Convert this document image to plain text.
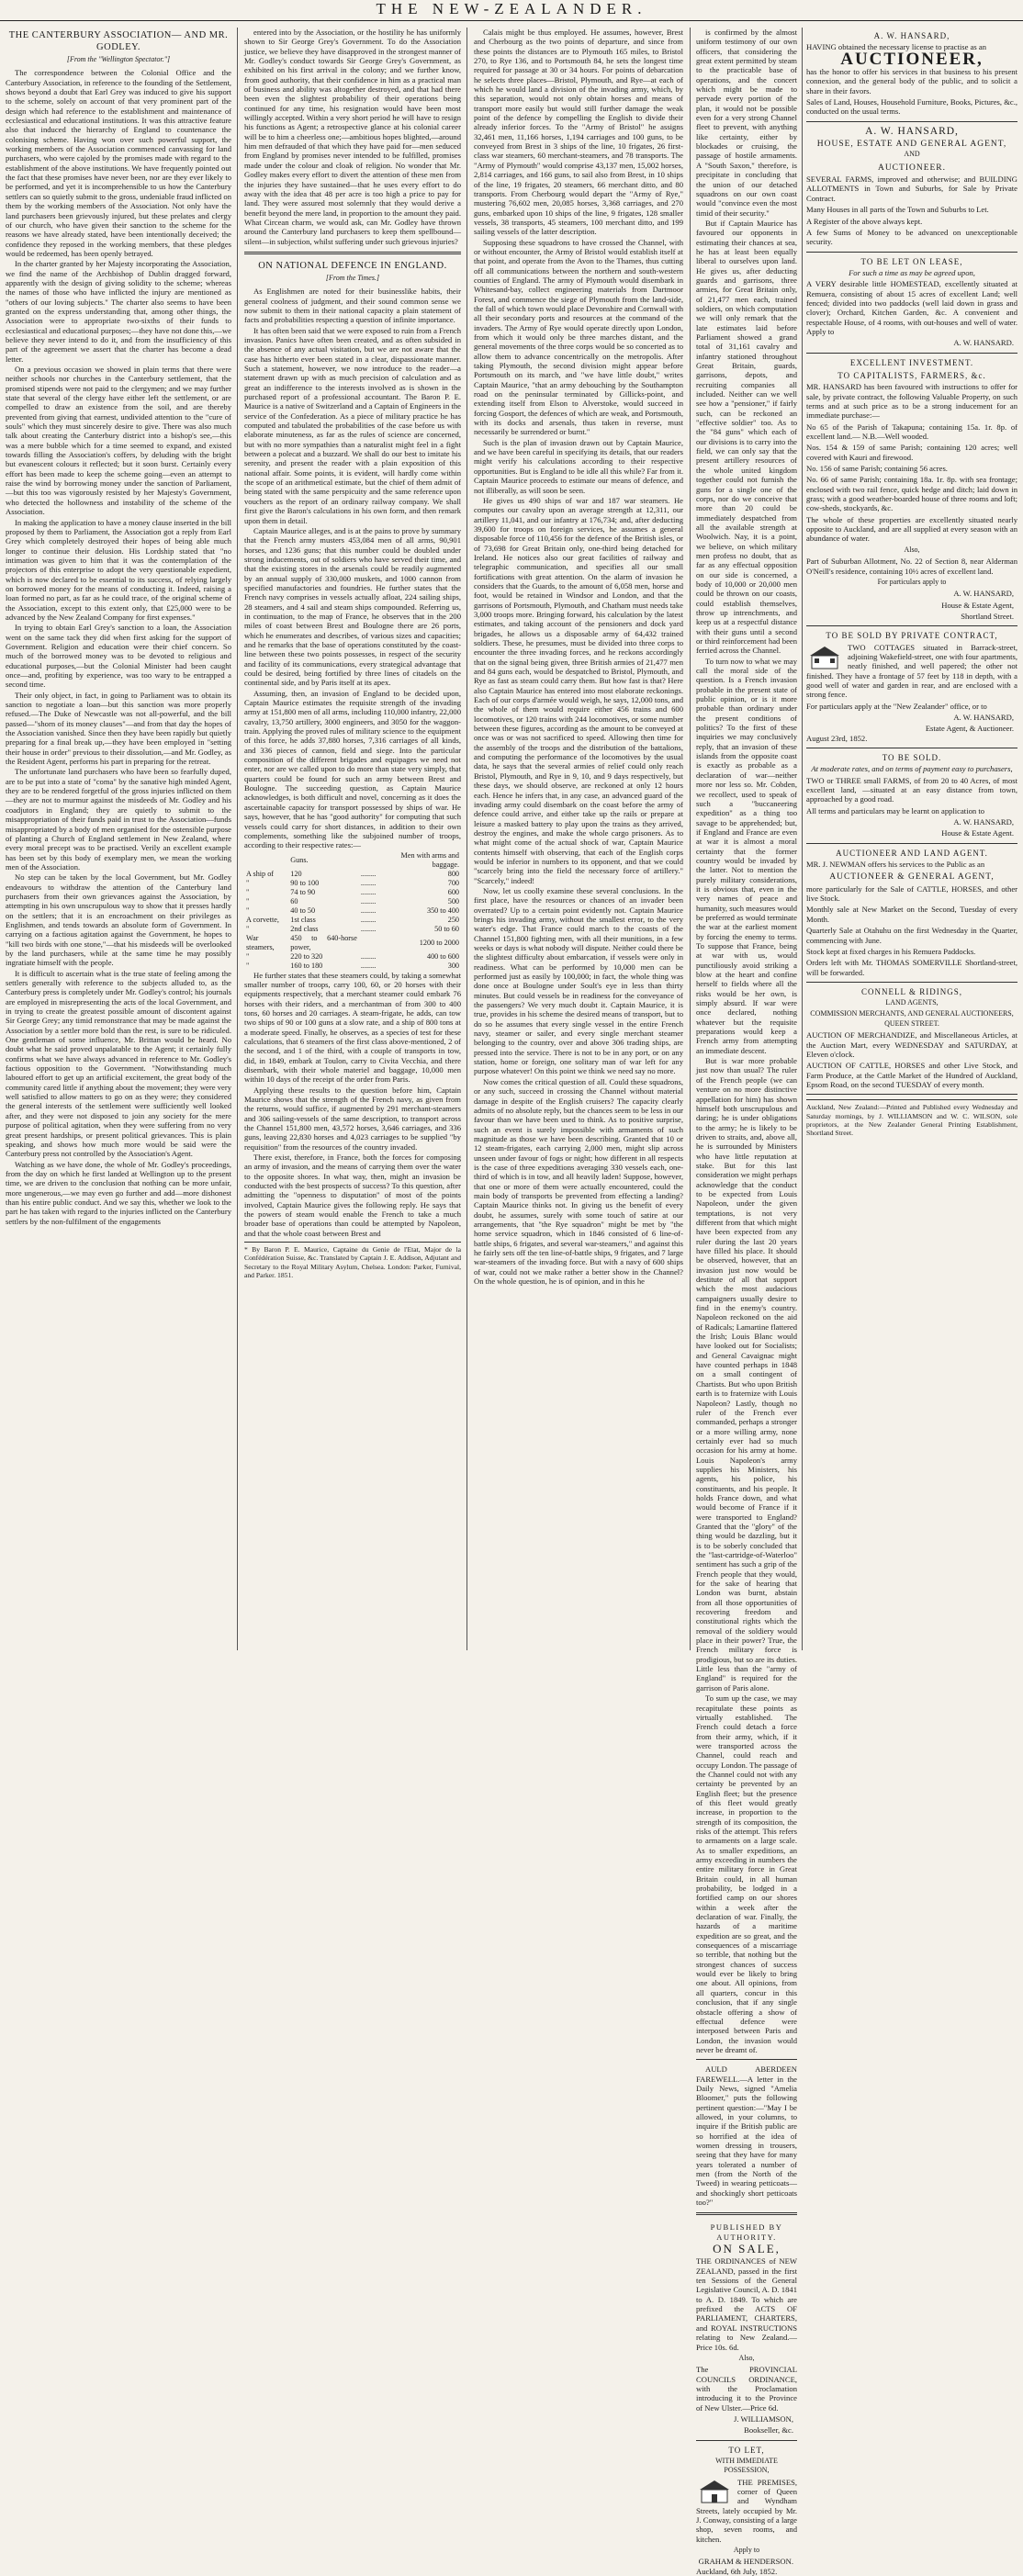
THE NEW-ZEALANDER.
THE CANTERBURY ASSOCIATION— AND MR. GODLEY.
[From the "Wellington Spectator."]

The correspondence between the Colonial Office and the Canterbury Association, in reference to the founding of the Settlement, shows beyond a doubt that Earl Grey was induced to give his support to the scheme, solely on account of that very prominent part of the design which had reference to the establishment and maintenance of ecclesiastical and educational institutions. It was this attractive feature also that induced the hierarchy of England to countenance the colonising scheme. Having won over such powerful support, the working members of the Association commenced canvassing for land purchasers, who were cajoled by the promises made with regard to the establishment of the above institutions. We have frequently pointed out the fact that these promises have never been, nor are they ever likely to be performed, and yet it is incomprehensible to us how the Canterbury settlers can so quietly submit to the gross, undeniable fraud inflicted on them by the working members of the Association. Not only have the land purchasers been grievously injured, but these prelates and clergy of our church, who have given their sanction to the scheme for the reasons we have already stated, have been intentionally deceived; the confidence they reposed in the working members, that these pledges would be redeemed, has been openly betrayed.

In the charter granted by her Majesty incorporating the Association, we find the name of the Archbishop of Dublin dragged forward, apparently with the design of giving solidity to the scheme; whereas the names of those who have inflicted the injury are mentioned as "others of our loving subjects." The charter also seems to have been granted on the express understanding that, among other things, the Association were to appropriate two-sixths of their funds to ecclesiastical and educational purposes;—they have not done this,—we believe they never intend to do it, and from the insufficiency of this part of the agreement we assert that the charter has become a dead letter.

On a previous occasion we showed in plain terms that there were neither schools nor churches in the Canterbury settlement, that the promised stipends were not paid to the clergymen; and we may further state that several of the clergy have either left the settlement, or are compelled to draw an existence from the soil, and are thereby prevented from giving that earnest, undivided attention to the "cure of souls" which they must sincerely desire to give. There was also much talk about creating the Canterbury district into a bishop's see,—this was a mere bubble which for a time seemed to expand, and existed towards filling the Association's coffers, by deluding with the bright but evanescent colours it reflected; but it soon burst. Certainly every effort has been made to keep the scheme going—even an attempt to raise the wind by borrowing money under the sanction of Parliament,—but this too was vigorously resisted by her Majesty's Government, who detected the hollowness and instability of the scheme of the Association.

In making the application to have a money clause inserted in the bill proposed by them to Parliament, the Association got a reply from Earl Grey which completely destroyed their hopes of being able much longer to continue their delusion. His Lordship stated that "no intimation was given to him that it was the contemplation of the projectors of this enterprise to adopt the very questionable expedient, which is now declared to be essential to its success, of relying largely on borrowed money for the means of conducting it. Indeed, raising a loan formed no part, as far as he could trace, of the original scheme of the Association, except to this extent only, that £25,000 were to be advanced by the New Zealand Company for first expenses."

In trying to obtain Earl Grey's sanction to a loan, the Association went on the same tack they did when first asking for the support of Government. Religion and education were their chief concern. So much of the borrowed money was to be devoted to religious and educational purposes,—but the Colonial Minister had been caught once—and, profiting by experience, was too wary to be entrapped a second time.

Their only object, in fact, in going to Parliament was to obtain its sanction to negotiate a loan—but this sanction was more properly refused.—The Duke of Newcastle was not all-powerful, and the bill passed—"shorn of its money clauses"—and from that day the hopes of the Association vanished. Since then they have been rapidly but quietly preparing for a final break up,—they have been employed in "setting their house in order" previous to their dissolution,—and Mr. Godley, as the Resident Agent, performs his part in preparing for the retreat.

The unfortunate land purchasers who have been so fearfully duped, are to be put into a state of "coma" by the sanative high minded Agent, they are to be rendered forgetful of the gross injuries inflicted on them—they are not to murmur against the misdeeds of Mr. Godley and his coadjutors in England; they are quietly to submit to the misappropriation of their funds paid in trust to the Association—funds misappropriated by a body of men organised for the ostensible purpose of planting a Church of England settlement in New Zealand, where every moral precept was to be practised. Verily an excellent example has been set by this body of exemplary men, we mean the working men of the Association.

No step can be taken by the local Government, but Mr. Godley endeavours to withdraw the attention of the Canterbury land purchasers from their own grievances against the Association, by attempting in his own unscrupulous way to show that it presses hardly on the settlers; that it is an encroachment on their privileges as Englishmen, and tends towards an absolute form of Government. In carrying on a factious agitation against the Government, he hopes to "kill two birds with one stone,"—that his misdeeds will be overlooked by the land purchasers, while at the same time he may possibly ingratiate himself with the people.

It is difficult to ascertain what is the true state of feeling among the settlers generally with reference to the subjects alluded to, as the Canterbury press is completely under Mr. Godley's control; his journals are employed in misrepresenting the acts of the local Government, and in trying to create the greatest possible amount of discontent against Sir George Grey; any timid remonstrance that may be made against the Association by a settler more bold than the rest, is sure to be ridiculed. One gentleman of some influence, Mr. Brittan would be heard. No doubt what he said proved unpalatable to the Agent; it certainly fully confirms what we have always advanced in reference to Mr. Godley's factious opposition to the Government. "Notwithstanding much laboured effort to get up an artificial excitement, the great body of the community cared little if anything about the movement; they were very well satisfied to allow matters to go on as they were; they considered the general interests of the settlement were sufficiently well looked after, and they were not disposed to join any society for the mere purpose of political agitation, when they were suffering from no very great present hardships, or present political grievances. This is plain speaking, and shows how much more would be said were the Canterbury press not controlled by the Association's Agent.

Watching as we have done, the whole of Mr. Godley's proceedings, from the day on which he first landed at Wellington up to the present time, we are driven to the conclusion that nothing can be more unfair, more ungenerous,—we may even go further and add—more dishonest than his entire public conduct. And we say this, whether we look to the part he has taken with regard to the injuries inflicted on the Canterbury settlers by the non-fulfilment of the engagements

entered into by the Association, or the hostility he has uniformly shown to Sir George Grey's Government. To do the Association justice, we believe they have disapproved in the strongest manner of Mr. Godley's conduct towards Sir George Grey's Government, as exhibited on his first arrival in the colony; and we further know, from good authority, that their confidence in him as a practical man of business and ability was altogether destroyed, and that had there been even the slightest probability of their operations being continued for any time, his resignation would have been most willingly accepted. Within a very short period he will have to resign his functions as Agent; a retrospective glance at his colonial career will be to him a cheerless one;—ambitious hopes blighted,—around him men defrauded of that which they have paid for—men seduced from England by promises never intended to be fulfilled, promises made under the colour and cloak of religion. No wonder that Mr. Godley makes every effort to divert the attention of these men from the injuries they have sustained—that he uses every effort to do away with the idea that 48 per acre is too high a price to pay for land. They were assured most solemnly that they would derive a benefit beyond the mere land, in proportion to the amount they paid. What Circean charm, we would ask, can Mr. Godley have thrown around the Canterbury land purchasers to keep them spellbound—silent—in subjection, whilst suffering under such grievous injuries?

ON NATIONAL DEFENCE IN ENGLAND.
[From the Times.]

As Englishmen are noted for their businesslike habits, their general coolness of judgment, and their sound common sense we now submit to them in their national capacity a plain statement of facts and probabilities respecting a question of infinite importance.

It has often been said that we were exposed to ruin from a French invasion. Panics have often been created, and as often subsided in the absence of any actual visitation, but we are not aware that the case has hitherto ever been stated in a clear, dispassionate manner. Such a statement, however, we now introduce to the reader—a statement drawn up with as much precision of calculation and as great an indifference to the interests involved as is shown in the purchased report of a professional accountant. The Baron P. E. Maurice is a native of Switzerland and a Captain of Engineers in the service of the Confederation. As a piece of military practice he has computed and tabulated the probabilities of the case before us with elaborate minuteness, as far as the rules of science are concerned, but with no more sympathies than a naturalist might feel in a fight between a polecat and a buzzard. We shall do our best to imitate his serenity, and present the reader with a plain exposition of this national affair. Some points, it is evident, will hardly come within the scope of an arithmetical estimate, but the chief of them admit of being stated with the same perspicuity and the same reference upon vouchers as the report of an ordinary railway company. We shall first give the Baron's calculations in his own form, and then remark upon them in detail.

Captain Maurice alleges, and is at the pains to prove by summary that the French army musters 453,084 men of all arms, 90,901 horses, and 1236 guns; that this number could be doubled under strong inducements, out of soldiers who have served their time, and that the existing stores in the arsenals could be readily augmented by an annual supply of 330,000 muskets, and 1000 cannon from specified manufactories and foundries. He further states that the French navy comprises in vessels actually afloat, 224 sailing ships, 28 steamers, and 4 sail and steam ships compounded. Referring us, in continuation, to the map of France, he observes that in the 200 miles of coast between Brest and Boulogne there are 26 ports, which he enumerates and describes, of various sizes and capacities; and he remarks that the base of operations constituted by the coast-line between these two points possesses, in respect of the security and facility of its communications, every strategical advantage that could be desired, being fortified by three lines of citadels on the continental side, and by Paris itself at its apex.

Assuming, then, an invasion of England to be decided upon, Captain Maurice estimates the requisite strength of the invading army at 151,800 men of all arms, including 110,000 infantry, 22,000 cavalry, 13,750 artillery, 3000 engineers, and 3050 for the waggon-train. Applying the proved rules of military science to the equipment of this force, he adds 37,880 horses, 7,316 carriages of all kinds, and 336 pieces of cannon, field and siege. Into the particular composition of the different brigades and equipages we need not enter, nor are we called upon to do more than state very simply, that quarters could be found for such an army between Brest and Boulogne. The succeeding question, as Captain Maurice acknowledges, is both difficult and novel, concerning as it does the ascertainable capacity for transport possessed by ships of war. He says, however, that he has "good authority" for computing that such vessels could carry for short distances, in addition to their own complements, something like the subjoined number of troops, according to their respective rates:—

	Guns.		Men with arms and baggage.
A ship of	120	........	800
"	90 to 100	........	700
"	74 to 90	........	600
"	60	........	500
"	40 to 50	........	350 to 400
A corvette,	1st class	........	250
"	2nd class	........	50 to 60
War steamers,	450 to 640-horse power,		1200 to 2000
"	220 to 320	........	400 to 600
"	160 to 180	........	300

He further states that these steamers could, by taking a somewhat smaller number of troops, carry 100, 60, or 20 horses with their equipments respectively, that a merchant steamer could embark 76 horses with their riders, and a merchantman of from 300 to 400 tons, 60 horses and 20 carriages. A steam-frigate, he adds, can tow two ships of 90 or 100 guns at a slow rate, and a ship of 800 tons at a moderate speed. Finally, he observes, as a species of test for these calculations, that 6 steamers of the first class above-mentioned, 2 of the second, and 1 of the third, with a couple of transports in tow, did, in 1849, embark at Toulon, carry to Civita Vecchia, and there disembark, with their whole materiel and baggage, 10,000 men within 10 days of the receipt of the order from Paris.

Applying these results to the question before him, Captain Maurice shows that the strength of the French navy, as given from the returns, would suffice, if augmented by 291 merchant-steamers and 306 sailing-vessels of the same description, to transport across the Channel 151,800 men, 43,572 horses, 3,646 carriages, and 336 guns, leaving 22,830 horses and 4,023 carriages to be supplied "by requisition" from the resources of the country invaded.

There exist, therefore, in France, both the forces for composing an army of invasion, and the means of carrying them over the water to the opposite shores. In what way, then, might an invasion be conducted with the best prospects of success? To this question, after admitting the "openness to disputation" of most of the points involved, Captain Maurice gives the following reply. He says that the powers of steam would enable the French to take a much broader base of operations than could be attempted by Napoleon, and that the whole coast between Brest and

* By Baron P. E. Maurice, Captaine du Genie de l'Etat, Major de la Confédération Suisse, &c. Translated by Captain J. E. Addison, Adjutant and Secretary to the Royal Military Asylum, Chelsea. London: Parker, Furnival, and Parker. 1851.

Calais might be thus employed. He assumes, however, Brest and Cherbourg as the two points of departure, and since from these points the distances are to Plymouth 165 miles, to Bristol 270, to Rye 136, and to Portsmouth 84, he sets the longest time required for passage at 30 or 34 hours. For points of debarcation he selects three places—Bristol, Plymouth, and Rye—at each of which he would land a division of the invading army, which, by this separation, would not only obtain horses and means of transport more easily but would still further damage the weak point of the defence by compelling the English to divide their already inferior forces. To the "Army of Bristol" he assigns 32,461 men, 11,166 horses, 1,194 carriages and 100 guns, to be conveyed from Brest in 3 ships of the line, 10 frigates, 26 first-class war steamers, 60 merchant-steamers, and 78 transports. The "Army of Plymouth" would comprise 43,137 men, 15,002 horses, 2,814 carriages, and 166 guns, to sail also from Brest, in 10 ships of the line, 19 frigates, 20 steamers, 66 merchant ditto, and 80 transports. From Cherbourg would depart the "Army of Rye," mustering 76,602 men, 20,085 horses, 3,368 carriages, and 270 guns, embarked upon 10 ships of the line, 9 frigates, 128 smaller vessels, 38 transports, 45 steamers, 100 merchant ditto, and 199 sailing vessels of the latter description.

Supposing these squadrons to have crossed the Channel, with or without encounter, the Army of Bristol would establish itself at that point, and operate from the Avon to the Thames, thus cutting off all communications between the northern and south-western counties of England. The army of Plymouth would disembark in Whitesand-bay, collect engineering materials from Dartmoor Forest, and commence the siege of Plymouth from the land-side, the fall of which town would place Devonshire and Cornwall with all their secondary ports and resources at the command of the invaders. The Army of Rye would operate directly upon London, from which it would only be three marches distant, and the general movements of the three corps would be so concerted as to allow them to advance concentrically on the metropolis. After taking Plymouth, the second division might appear before Portsmouth on its march, and "we have little doubt," writes Captain Maurice, "that an army debouching by the Southampton road on the peninsular terminated by Gillicks-point, and extending itself from Elson to Alverstoke, would succeed in forcing Gosport, the defences of which are weak, and Portsmouth, with its docks and arsenals, thus taken in reverse, must necessarily be surrendered or burnt."

Such is the plan of invasion drawn out by Captain Maurice, and we have been careful in specifying its details, that our readers might verify his calculations according to their respective opportunities. But is England to be idle all this while? Far from it. Captain Maurice proceeds to estimate our means of defence, and not illiberally, as will soon be seen.

He gives us 490 ships of war and 187 war steamers. He computes our cavalry upon an average strength at 12,311, our artillery 11,041, and our infantry at 176,734; and, after deducting 39,600 for troops on foreign services, he assumes a general disposable force of 110,456 for the defence of the British isles, or of 73,698 for Great Britain only, one-third being detached for Ireland. He notices also our great facilities of railway and telegraphic communication, and specifies all our small fortifications with great attention. On the alarm of invasion he considers that the Guards, to the amount of 6,058 men, horse and foot, would be retained in Windsor and London, and that the garrisons of Portsmouth, Plymouth, and Chatham must needs take 3,000 troops more. Bringing forward, his calculation by the latest estimates, and taking account of the pensioners and dock yard brigades, he allows us a disposable army of 64,432 trained soldiers. These, he presumes, must be divided into three corps to encounter the three invading forces, and he reckons accordingly that on the signal being given, three British armies of 21,477 men and 84 guns each, would be despatched to Bristol, Plymouth, and Rye as fast as steam could carry them. But how fast is that? Here also Captain Maurice has entered into most elaborate reckonings. Each of our corps d'armée would weigh, he says, 12,000 tons, and the whole of them would require either 456 trains and 600 locomotives, or 120 trains with 244 locomotives, or some number between these figures, according as the amount to be conveyed at once was or was not sacrificed to speed. Allowing then time for the assembly of the troops and the distribution of the battalions, and computing the performance of the locomotives by the usual data, he says that the several armies of relief could only reach Bristol, Plymouth, and Rye in 9, 10, and 9 days respectively, but these days, we should observe, are reckoned at only 12 hours each. Hence he infers that, in any case, an advanced guard of the invading army could disembark on the coast before the army of defence could arrive, and either take up the rails or prepare at leisure a masked battery to play upon the trains as they arrived, destroy the engines, and make the whole cargo prisoners. As to what might come of the actual shock of war, Captain Maurice contents himself with observing, that each of the English corps would be inferior in numbers to its opponent, and that we could "scarcely bring into the field the necessary force of artillery." "Scarcely," indeed!

Now, let us coolly examine these several conclusions. In the first place, have the resources or chances of an invader been overrated? Up to a certain point evidently not. Captain Maurice brings his invading army, without the smallest error, to the very water's edge. That France could march to the coasts of the Channel 151,800 fighting men, with all their munitions, in a few weeks or days is what nobody will dispute. Neither could there be the slightest difficulty about embarcation, if vessels were only in readiness. What can be performed by 10,000 men can be performed just as easily by 100,000; in fact, the whole thing was done once at Boulogne under Soult's eye in less than thirty minutes. But could vessels be in readiness for the conveyance of the passengers? We very much doubt it. Captain Maurice, it is true, provides in his scheme the desired means of transport, but to do so he assumes that every single vessel in the entire French navy, steamer or sailer, and every single merchant steamer belonging to the country, over and above 306 trading ships, are pressed into the service. There is not to be in any port, or on any station, home or foreign, one solitary man of war left for any purpose whatever! On this point we think we need say no more.

Now comes the critical question of all. Could these squadrons, or any such, succeed in crossing the Channel without material damage in despite of the English cruisers? The capacity clearly admits of no absolute reply, but the chances seem to be less in our favour than we have been used to think. As to positive surprise, such an event is surely impossible with armaments of such magnitude as those we have been describing. Granted that 10 or 12 steam-frigates, each carrying 2,000 men, might slip across unseen under favour of fogs or night; how different in all respects is the case of three expeditions averaging 330 vessels each, one-third of which is in tow, and all heavily laden! Suppose, however, that one or more of them were actually encountered, could the main body of transports be prevented from effecting a landing? Captain Maurice thinks not. In giving us the benefit of every doubt, he assumes, surely with some touch of satire at our arrangements, that "the Rye squadron" might be met by "the home service squadron, which in 1846 consisted of 6 line-of-battle ships, 6 frigates, and several war-steamers," and against this he fairly sets off the ten line-of-battle ships, 9 frigates, and 7 large war-steamers of the invading force. But with a navy of 600 ships of war, could not we make rather a better show in the Channel? On the whole question, he is of opinion, and in this he

is confirmed by the almost uniform testimony of our own officers, that considering the great extent permitted by steam to the practicable base of operations, and the concert which might be made to pervade every portion of the plan, it would not be possible even for a very strong Channel fleet to prevent, with anything like certainty, either by blockades or cruising, the passage of hostile armaments. A "South Saxon," therefore, is precipitate in concluding that the union of our detached squadrons on our own coast would "convince even the most timid of their security."

But if Captain Maurice has favoured our opponents in estimating their chances at sea, he has at least been equally liberal to ourselves upon land. He gives us, after deducting guards and garrisons, three armies, for Great Britain only, of 21,477 men each, trained soldiers, on which computation we will only remark that the late estimates laid before Parliament showed a grand total of 31,161 cavalry and infantry stationed throughout Great Britain, guards, garrisons, depots, and recruiting companies all included. Neither can we well see how a "pensioner," if fairly such, can be reckoned an "effective soldier" too. As to the "84 guns" which each of our divisions is to carry into the field, we can only say that the present artillery resources of the whole united kingdom together could not furnish the guns for a single one of the corps, nor do we conceive that more than 20 could be immediately despatched from all the available strength at Woolwich. Nay, it is a point, we believe, on which military men profess no doubt, that as far as any effectual opposition on our side is concerned, a body of 10,000 or 20,000 men could be thrown on our coasts, could establish themselves, throw up intrenchments, and keep us at a respectful distance with their guns until a second or third reinforcement had been ferried across the Channel.

To turn now to what we may call the moral side of the question. Is a French invasion probable in the present state of public opinion, or is it more probable than ordinary under the present conditions of politics? To the first of these inquiries we may conclusively reply, that an invasion of these islands from the opposite coast is exactly as probable as a declaration of war—neither more nor less so. Mr. Cobden, we recollect, used to speak of such a "buccaneering expedition" as a thing too savage to be apprehended; but, if England and France are even at war it is almost a moral certainty that the former country would be invaded by the latter. Not to mention the purely military considerations, it is obvious that, even in the very names of peace and humanity, such measures would be preferred as would terminate the war at the earliest moment by forcing the enemy to terms. To suppose that France, being at war with us, would punctiliously avoid striking a blow at the heart and confine herself to fields where all the risks would be her own, is simply absurd. If war were once declared, nothing whatever but the requisite preparations would keep a French army from attempting an immediate descent.

But is war more probable just now than usual? The ruler of the French people (we can venture on no more distinctive appellation for him) has shown himself both unscrupulous and daring; he is under obligations to the army; he is likely to be driven to straits, and, above all, he is surrounded by Ministers who have little reputation at stake. But for this last consideration we might perhaps acknowledge that the conduct to be expected from Louis Napoleon, under the given temptations, is not very different from that which might have been expected from any ruler during the last 20 years have filled his place. It should be observed, however, that an invasion just now would be destitute of all that support which the most audacious campaigners usually desire to find in the enemy's country. Napoleon reckoned on the aid of Radicals; Lamartine flattered the Irish; Louis Blanc would have looked out for Socialists; and General Cavaignac might have counted perhaps in 1848 on a small contingent of Chartists. But who upon British earth is to fraternize with Louis Napoleon? Lastly, though no ruler of the French ever commanded, perhaps a stronger or a more willing army, none certainly ever had so much occasion for his army at home. Louis Napoleon's army supplies his Ministers, his agents, his police, his constituents, and his people. It holds France down, and what would become of France if it were transported to England? Granted that the "glory" of the thing would be dazzling, but it is to be soberly concluded that the "last-cartridge-of-Waterloo" sentiment has such a grip of the French people that they would, for the sake of hearing that London was burnt, abstain from all those opportunities of recovering freedom and constitutional rights which the removal of the soldiery would place in their power? True, the French military force is prodigious, but so are its duties. Little less than the "army of England" is required for the garrison of Paris alone.

To sum up the case, we may recapitulate these points as virtually established. The French could detach a force from their army, which, if it were transported across the Channel, could reach and occupy London. The passage of the Channel could not with any certainty be prevented by an English fleet; but the presence of this fleet would greatly increase, in proportion to the strength of its composition, the risks of the attempt. This refers to armaments on a large scale. As to smaller expeditions, an army exceeding in numbers the entire military force in Great Britain could, in all human probability, be lodged in a fortified camp on our shores within a week after the declaration of war. Finally, the hazards of a maritime expedition are so great, and the consequences of a miscarriage so terrible, that nothing but the strongest chances of success would ever be likely to bring one about. All opinions, from all quarters, concur in this conclusion, that if any single obstacle offering a show of effectual defence were interposed between Paris and London, the invasion would never be dreamt of.

AULD ABERDEEN FAREWELL.—A letter in the Daily News, signed "Amelia Bloomer," puts the following pertinent question:—"May I be allowed, in your columns, to inquire if the British public are so horrified at the idea of women dressing in trousers, seeing that they have for many years tolerated a number of men (from the North of the Tweed) in wearing petticoats—and shockingly short petticoats too?"

PUBLISHED BY AUTHORITY.
ON SALE,

THE ORDINANCES of NEW ZEALAND, passed in the first ten Sessions of the General Legislative Council, A. D. 1841 to A. D. 1849. To which are prefixed the ACTS OF PARLIAMENT, CHARTERS, and ROYAL INSTRUCTIONS relating to New Zealand.—Price 10s. 6d.

Also,

The PROVINCIAL COUNCILS ORDINANCE, with the Proclamation introducing it to the Province of New Ulster.—Price 6d.

J. WILLIAMSON,
Bookseller, &c.
TO LET,
WITH IMMEDIATE POSSESSION,

THE PREMISES, corner of Queen and Wyndham Streets, lately occupied by Mr. J. Conway, consisting of a large shop, seven rooms, and kitchen.

Apply to
GRAHAM & HENDERSON.
Auckland, 6th July, 1852.
A. W. HANSARD,

HAVING obtained the necessary license to practise as an

AUCTIONEER,

has the honor to offer his services in that business to his present connexion, and the general body of the public, and to solicit a share in their favors.

Sales of Land, Houses, Household Furniture, Books, Pictures, &c., conducted on the usual terms.

A. W. HANSARD,
HOUSE, ESTATE AND GENERAL AGENT,
AND
AUCTIONEER.

SEVERAL FARMS, improved and otherwise; and BUILDING ALLOTMENTS in Town and Suburbs, for Sale by Private Contract.

Many Houses in all parts of the Town and Suburbs to Let.

A Register of the above always kept.

A few Sums of Money to be advanced on unexceptionable security.

TO BE LET ON LEASE,
For such a time as may be agreed upon,

A VERY desirable little HOMESTEAD, excellently situated at Remuera, consisting of about 15 acres of excellent Land; well fenced; divided into two paddocks (well laid down in grass and clover); Orchard, Kitchen Garden, &c. A convenient and respectable House, of 4 rooms, with out-houses and well of water. Apply to

A. W. HANSARD.
EXCELLENT INVESTMENT.
TO CAPITALISTS, FARMERS, &c.

MR. HANSARD has been favoured with instructions to offer for sale, by private contract, the following Valuable Property, on such terms and at such price as to be a strong inducement for an immediate purchase:—

No 65 of the Parish of Takapuna; containing 15a. 1r. 8p. of excellent land.— N.B.—Well wooded.

Nos. 154 & 159 of same Parish; containing 120 acres; well covered with Kauri and firewood.

No. 156 of same Parish; containing 56 acres.

No. 66 of same Parish; containing 18a. 1r. 8p. with sea frontage; enclosed with two rail fence, quick hedge and ditch; laid down in grass; with a good weather-boarded house of three rooms and loft; cow-sheds, stockyards, &c.

The whole of these properties are excellently situated nearly opposite to Auckland, and are all supplied at every season with an abundance of water.

Also,

Part of Suburban Allotment, No. 22 of Section 8, near Alderman O'Neill's residence, containing 10½ acres of excellent land.

For particulars apply to
A. W. HANSARD,
House & Estate Agent,
Shortland Street.
TO BE SOLD BY PRIVATE CONTRACT,

TWO COTTAGES situated in Barrack-street, adjoining Wakefield-street, one with four apartments, neatly finished, and well papered; the other not finished. They have a frontage of 57 feet by 118 in depth, with a good well of water and garden in rear, and are enclosed with a strong fence.

For particulars apply at the "New Zealander" office, or to

A. W. HANSARD,
Estate Agent, & Auctioneer.
August 23rd, 1852.
TO BE SOLD.
At moderate rates, and on terms of payment easy to purchasers,

TWO or THREE small FARMS, of from 20 to 40 Acres, of most excellent land, —situated at an easy distance from town, approached by a good road.

All terms and particulars may be learnt on application to

A. W. HANSARD,
House & Estate Agent.
AUCTIONEER AND LAND AGENT.

MR. J. NEWMAN offers his services to the Public as an

AUCTIONEER & GENERAL AGENT,

more particularly for the Sale of CATTLE, HORSES, and other live Stock.

Monthly sale at New Market on the Second, Tuesday of every Month.

Quarterly Sale at Otahuhu on the first Wednesday in the Quarter, commencing with June.

Stock kept at fixed charges in his Remuera Paddocks.

Orders left with Mr. THOMAS SOMERVILLE Shortland-street, will be forwarded.

CONNELL & RIDINGS,
LAND AGENTS,
COMMISSION MERCHANTS, AND GENERAL AUCTIONEERS,
QUEEN STREET.

AUCTION OF MERCHANDIZE, and Miscellaneous Articles, at the Auction Mart, every WEDNESDAY and SATURDAY, at Eleven o'clock.

AUCTION OF CATTLE, HORSES and other Live Stock, and Farm Produce, at the Cattle Market of the Hundred of Auckland, Epsom Road, on the second TUESDAY of every month.

Auckland, New Zealand:—Printed and Published every Wednesday and Saturday mornings, by J. WILLIAMSON and W. C. WILSON, sole proprietors, at the New Zealander General Printing Establishment, Shortland Street.
